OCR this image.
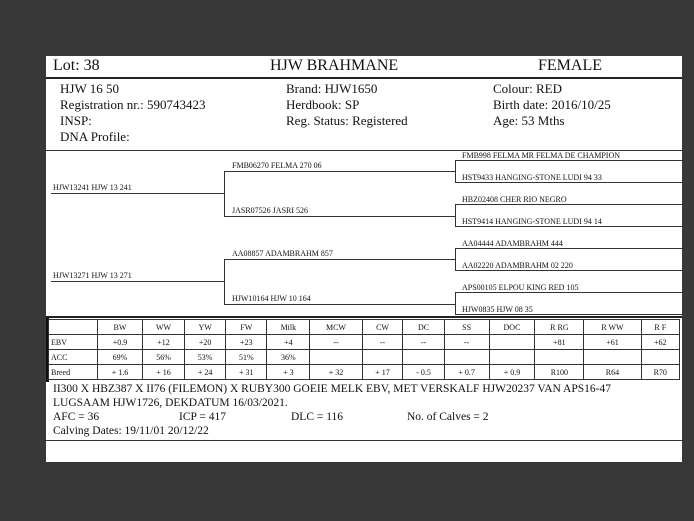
Lot: 38	HJW BRAHMANE	FEMALE
HJW 16 50
Registration nr.: 590743423
INSP:
DNA Profile:
Brand: HJW1650
Herdbook: SP
Reg. Status: Registered
Colour: RED
Birth date: 2016/10/25
Age: 53 Mths
HJW13241 HJW 13 241
HJW13271 HJW 13 271
FMB06270 FELMA 270 06
JASR07526 JASRI 526
AA08857 ADAMBRAHM 857
HJW10164 HJW 10 164
FMB998 FELMA MR FELMA DE CHAMPION
HST9433 HANGING-STONE LUDI 94 33
HBZ02408 CHER RIO NEGRO
HST9414 HANGING-STONE LUDI 94 14
AA04444 ADAMBRAHM 444
AA02220 ADAMBRAHM 02 220
APS00105 ELPOU KING RED 105
HJW0835 HJW 08 35
	BW	WW	YW	FW	Milk	MCW	CW	DC	SS	DOC	R RG	R WW	R F
EBV	+0.9	+12	+20	+23	+4	--	--	--	--		+81	+61	+62
ACC	69%	56%	53%	51%	36%								
Breed	+ 1.6	+ 16	+ 24	+ 31	+ 3	+ 32	+ 17	- 0.5	+ 0.7	+ 0.9	R100	R64	R70
II300 X HBZ387 X II76 (FILEMON) X RUBY300 GOEIE MELK EBV, MET VERSKALF HJW20237 VAN APS16-47
LUGSAAM HJW1726, DEKDATUM 16/03/2021.
AFC = 36	ICP = 417	DLC = 116	No. of Calves = 2
Calving Dates: 19/11/01 20/12/22
